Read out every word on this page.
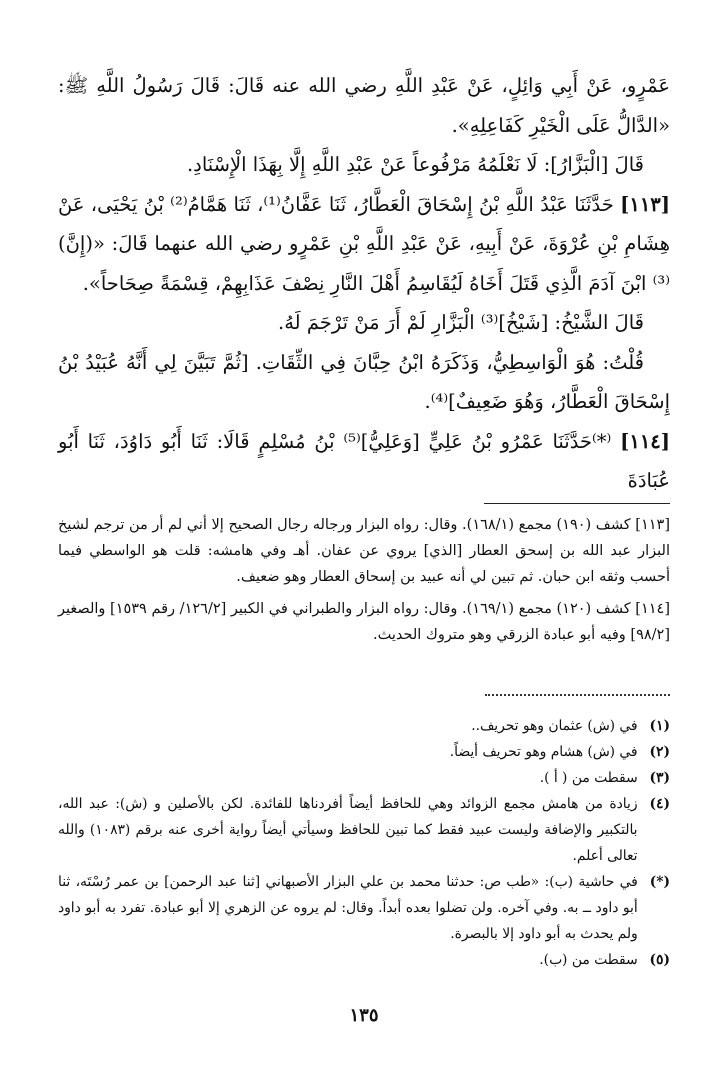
عَمْرٍو، عَنْ أَبِي وَائِلٍ، عَنْ عَبْدِ اللَّهِ رضي الله عنه قَالَ: قَالَ رَسُولُ اللَّهِ ﷺ: «الدَّالُّ عَلَى الْخَيْرِ كَفَاعِلِهِ».

قَالَ [الْبَزَّارُ]: لَا نَعْلَمُهُ مَرْفُوعاً عَنْ عَبْدِ اللَّهِ إِلَّا بِهَذَا الْإِسْنَادِ.

[١١٣] حَدَّثَنَا عَبْدُ اللَّهِ بْنُ إِسْحَاقَ الْعَطَّارُ، ثَنَا عَفَّانُ⁽¹⁾، ثَنَا هَمَّامُ⁽²⁾ بْنُ يَحْيَى، عَنْ هِشَامِ بْنِ عُرْوَةَ، عَنْ أَبِيهِ، عَنْ عَبْدِ اللَّهِ بْنِ عَمْرٍو رضي الله عنهما قَالَ: «(إِنَّ)⁽³⁾ ابْنَ آدَمَ الَّذِي قَتَلَ أَخَاهُ لَيُقَاسِمُ أَهْلَ النَّارِ نِصْفَ عَذَابِهِمْ، قِسْمَةً صِحَاحاً».

قَالَ الشَّيْخُ: [شَيْخُ]⁽³⁾ الْبَزَّارِ لَمْ أَرَ مَنْ تَرْجَمَ لَهُ.

قُلْتُ: هُوَ الْوَاسِطِيُّ، وَذَكَرَهُ ابْنُ حِبَّانَ فِي الثِّقَاتِ. [ثُمَّ تَبَيَّنَ لِي أَنَّهُ عُبَيْدُ بْنُ إِسْحَاقَ الْعَطَّارُ، وَهُوَ ضَعِيفٌ]⁽⁴⁾.

[١١٤] ⁽*⁾حَدَّثَنَا عَمْرُو بْنُ عَلِيٍّ [وَعَلِيُّ]⁽⁵⁾ بْنُ مُسْلِمٍ قَالَا: ثَنَا أَبُو دَاوُدَ، ثَنَا أَبُو عُبَادَةَ

[١١٣] كشف (١٩٠) مجمع (١٦٨/١). وقال: رواه البزار ورجاله رجال الصحيح إلا أني لم أر من ترجم لشيخ البزار عبد الله بن إسحق العطار [الذي] يروي عن عفان. أهـ وفي هامشه: قلت هو الواسطي فيما أحسب وثقه ابن حبان. ثم تبين لي أنه عبيد بن إسحاق العطار وهو ضعيف.

[١١٤] كشف (١٢٠) مجمع (١٦٩/١). وقال: رواه البزار والطبراني في الكبير [١٢٦/٢/ رقم ١٥٣٩] والصغير [٩٨/٢] وفيه أبو عبادة الزرقي وهو متروك الحديث.

(١)
في (ش) عثمان وهو تحريف..
(٢)
في (ش) هشام وهو تحريف أيضاً.
(٣)
سقطت من ( أ ).
(٤)
زيادة من هامش مجمع الزوائد وهي للحافظ أيضاً أفردناها للفائدة. لكن بالأصلين و (ش): عبد الله، بالتكبير والإضافة وليست عبيد فقط كما تبين للحافظ وسيأتي أيضاً رواية أخرى عنه برقم (١٠٨٣) والله تعالى أعلم.
(*)
في حاشية (ب): «طب ص: حدثنا محمد بن علي البزار الأصبهاني [ثنا عبد الرحمن] بن عمر رُسْتَه، ثنا أبو داود ــ به. وفي آخره. ولن تضلوا بعده أبداً. وقال: لم يروه عن الزهري إلا أبو عبادة. تفرد به أبو داود ولم يحدث به أبو داود إلا بالبصرة.
(٥)
سقطت من (ب).
١٣٥
